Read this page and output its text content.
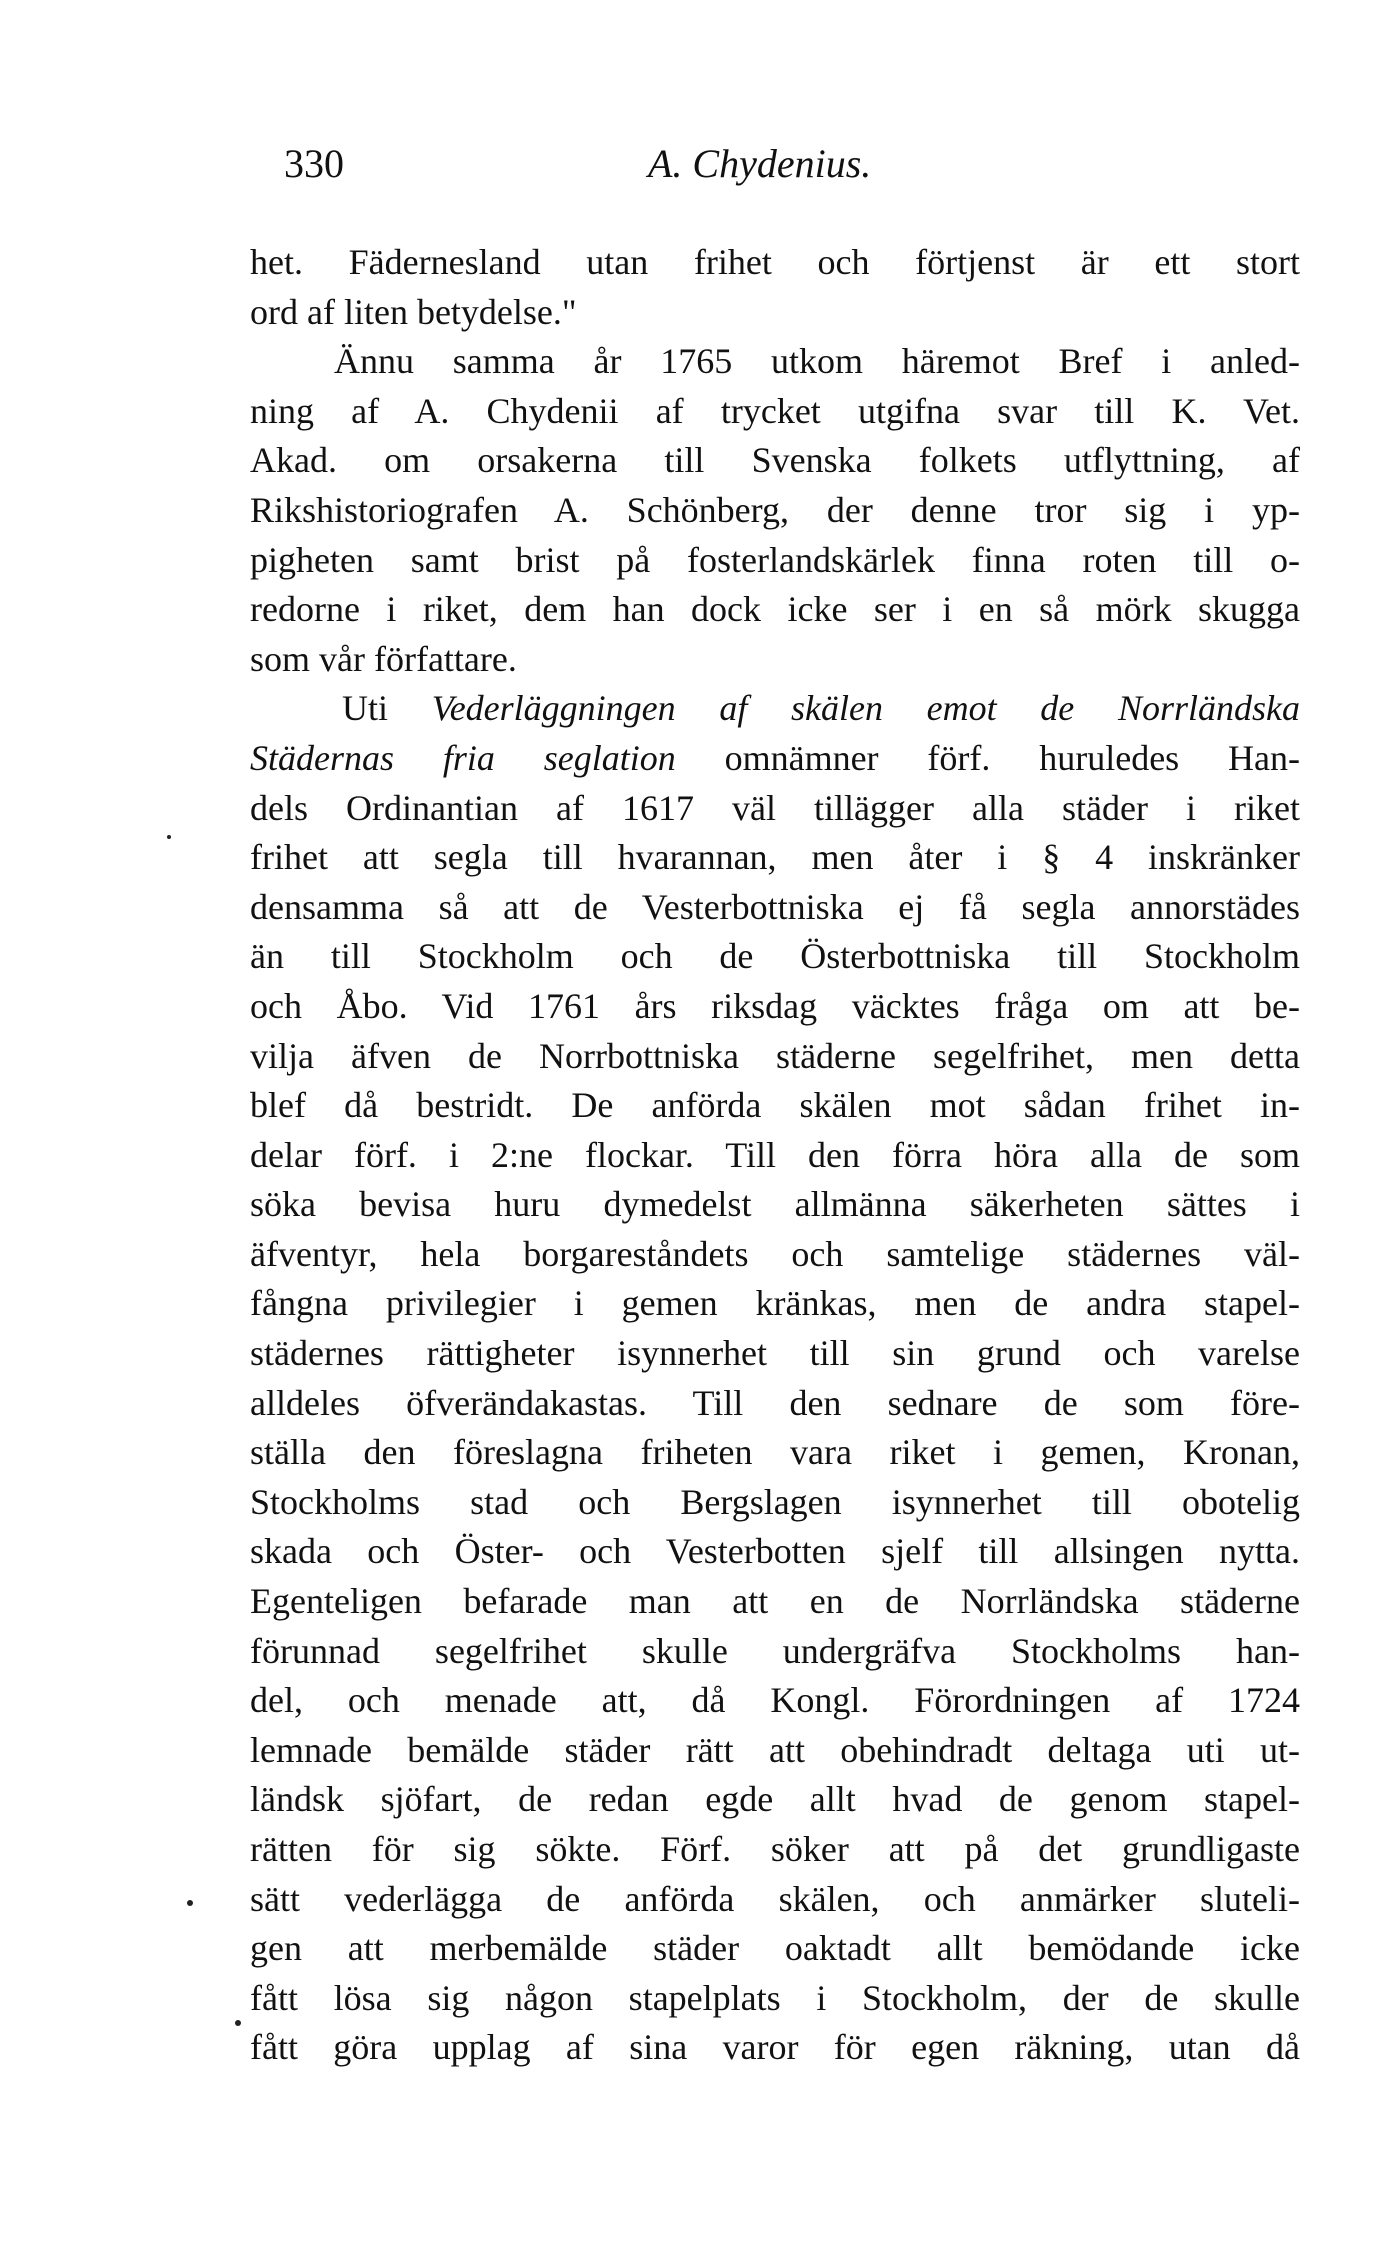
330	A. Chydenius.
het. Fädernesland utan frihet och förtjenst är ett stort
ord af liten betydelse."
Ännu samma år 1765 utkom häremot Bref i anled-
ning af A. Chydenii af trycket utgifna svar till K. Vet.
Akad. om orsakerna till Svenska folkets utflyttning, af
Rikshistoriografen A. Schönberg, der denne tror sig i yp-
pigheten samt brist på fosterlandskärlek finna roten till o-
redorne i riket, dem han dock icke ser i en så mörk skugga
som vår författare.
Uti Vederläggningen af skälen emot de Norrländska
Städernas fria seglation omnämner förf. huruledes Han-
dels Ordinantian af 1617 väl tillägger alla städer i riket
frihet att segla till hvarannan, men åter i § 4 inskränker
densamma så att de Vesterbottniska ej få segla annorstädes
än till Stockholm och de Österbottniska till Stockholm
och Åbo. Vid 1761 års riksdag väcktes fråga om att be-
vilja äfven de Norrbottniska städerne segelfrihet, men detta
blef då bestridt. De anförda skälen mot sådan frihet in-
delar förf. i 2:ne flockar. Till den förra höra alla de som
söka bevisa huru dymedelst allmänna säkerheten sättes i
äfventyr, hela borgareståndets och samtelige städernes väl-
fångna privilegier i gemen kränkas, men de andra stapel-
städernes rättigheter isynnerhet till sin grund och varelse
alldeles öfverändakastas. Till den sednare de som före-
ställa den föreslagna friheten vara riket i gemen, Kronan,
Stockholms stad och Bergslagen isynnerhet till obotelig
skada och Öster- och Vesterbotten sjelf till allsingen nytta.
Egenteligen befarade man att en de Norrländska städerne
förunnad segelfrihet skulle undergräfva Stockholms han-
del, och menade att, då Kongl. Förordningen af 1724
lemnade bemälde städer rätt att obehindradt deltaga uti ut-
ländsk sjöfart, de redan egde allt hvad de genom stapel-
rätten för sig sökte. Förf. söker att på det grundligaste
sätt vederlägga de anförda skälen, och anmärker sluteli-
gen att merbemälde städer oaktadt allt bemödande icke
fått lösa sig någon stapelplats i Stockholm, der de skulle
fått göra upplag af sina varor för egen räkning, utan då
